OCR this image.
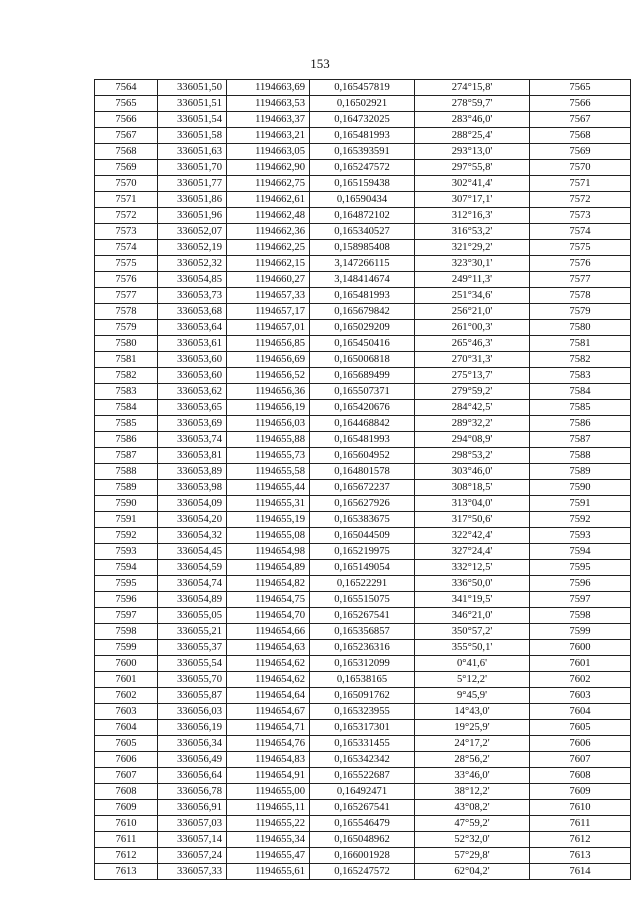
153
7564	336051,50	1194663,69	0,165457819	274°15,8'	7565
7565	336051,51	1194663,53	0,16502921	278°59,7'	7566
7566	336051,54	1194663,37	0,164732025	283°46,0'	7567
7567	336051,58	1194663,21	0,165481993	288°25,4'	7568
7568	336051,63	1194663,05	0,165393591	293°13,0'	7569
7569	336051,70	1194662,90	0,165247572	297°55,8'	7570
7570	336051,77	1194662,75	0,165159438	302°41,4'	7571
7571	336051,86	1194662,61	0,16590434	307°17,1'	7572
7572	336051,96	1194662,48	0,164872102	312°16,3'	7573
7573	336052,07	1194662,36	0,165340527	316°53,2'	7574
7574	336052,19	1194662,25	0,158985408	321°29,2'	7575
7575	336052,32	1194662,15	3,147266115	323°30,1'	7576
7576	336054,85	1194660,27	3,148414674	249°11,3'	7577
7577	336053,73	1194657,33	0,165481993	251°34,6'	7578
7578	336053,68	1194657,17	0,165679842	256°21,0'	7579
7579	336053,64	1194657,01	0,165029209	261°00,3'	7580
7580	336053,61	1194656,85	0,165450416	265°46,3'	7581
7581	336053,60	1194656,69	0,165006818	270°31,3'	7582
7582	336053,60	1194656,52	0,165689499	275°13,7'	7583
7583	336053,62	1194656,36	0,165507371	279°59,2'	7584
7584	336053,65	1194656,19	0,165420676	284°42,5'	7585
7585	336053,69	1194656,03	0,164468842	289°32,2'	7586
7586	336053,74	1194655,88	0,165481993	294°08,9'	7587
7587	336053,81	1194655,73	0,165604952	298°53,2'	7588
7588	336053,89	1194655,58	0,164801578	303°46,0'	7589
7589	336053,98	1194655,44	0,165672237	308°18,5'	7590
7590	336054,09	1194655,31	0,165627926	313°04,0'	7591
7591	336054,20	1194655,19	0,165383675	317°50,6'	7592
7592	336054,32	1194655,08	0,165044509	322°42,4'	7593
7593	336054,45	1194654,98	0,165219975	327°24,4'	7594
7594	336054,59	1194654,89	0,165149054	332°12,5'	7595
7595	336054,74	1194654,82	0,16522291	336°50,0'	7596
7596	336054,89	1194654,75	0,165515075	341°19,5'	7597
7597	336055,05	1194654,70	0,165267541	346°21,0'	7598
7598	336055,21	1194654,66	0,165356857	350°57,2'	7599
7599	336055,37	1194654,63	0,165236316	355°50,1'	7600
7600	336055,54	1194654,62	0,165312099	0°41,6'	7601
7601	336055,70	1194654,62	0,16538165	5°12,2'	7602
7602	336055,87	1194654,64	0,165091762	9°45,9'	7603
7603	336056,03	1194654,67	0,165323955	14°43,0'	7604
7604	336056,19	1194654,71	0,165317301	19°25,9'	7605
7605	336056,34	1194654,76	0,165331455	24°17,2'	7606
7606	336056,49	1194654,83	0,165342342	28°56,2'	7607
7607	336056,64	1194654,91	0,165522687	33°46,0'	7608
7608	336056,78	1194655,00	0,16492471	38°12,2'	7609
7609	336056,91	1194655,11	0,165267541	43°08,2'	7610
7610	336057,03	1194655,22	0,165546479	47°59,2'	7611
7611	336057,14	1194655,34	0,165048962	52°32,0'	7612
7612	336057,24	1194655,47	0,166001928	57°29,8'	7613
7613	336057,33	1194655,61	0,165247572	62°04,2'	7614
